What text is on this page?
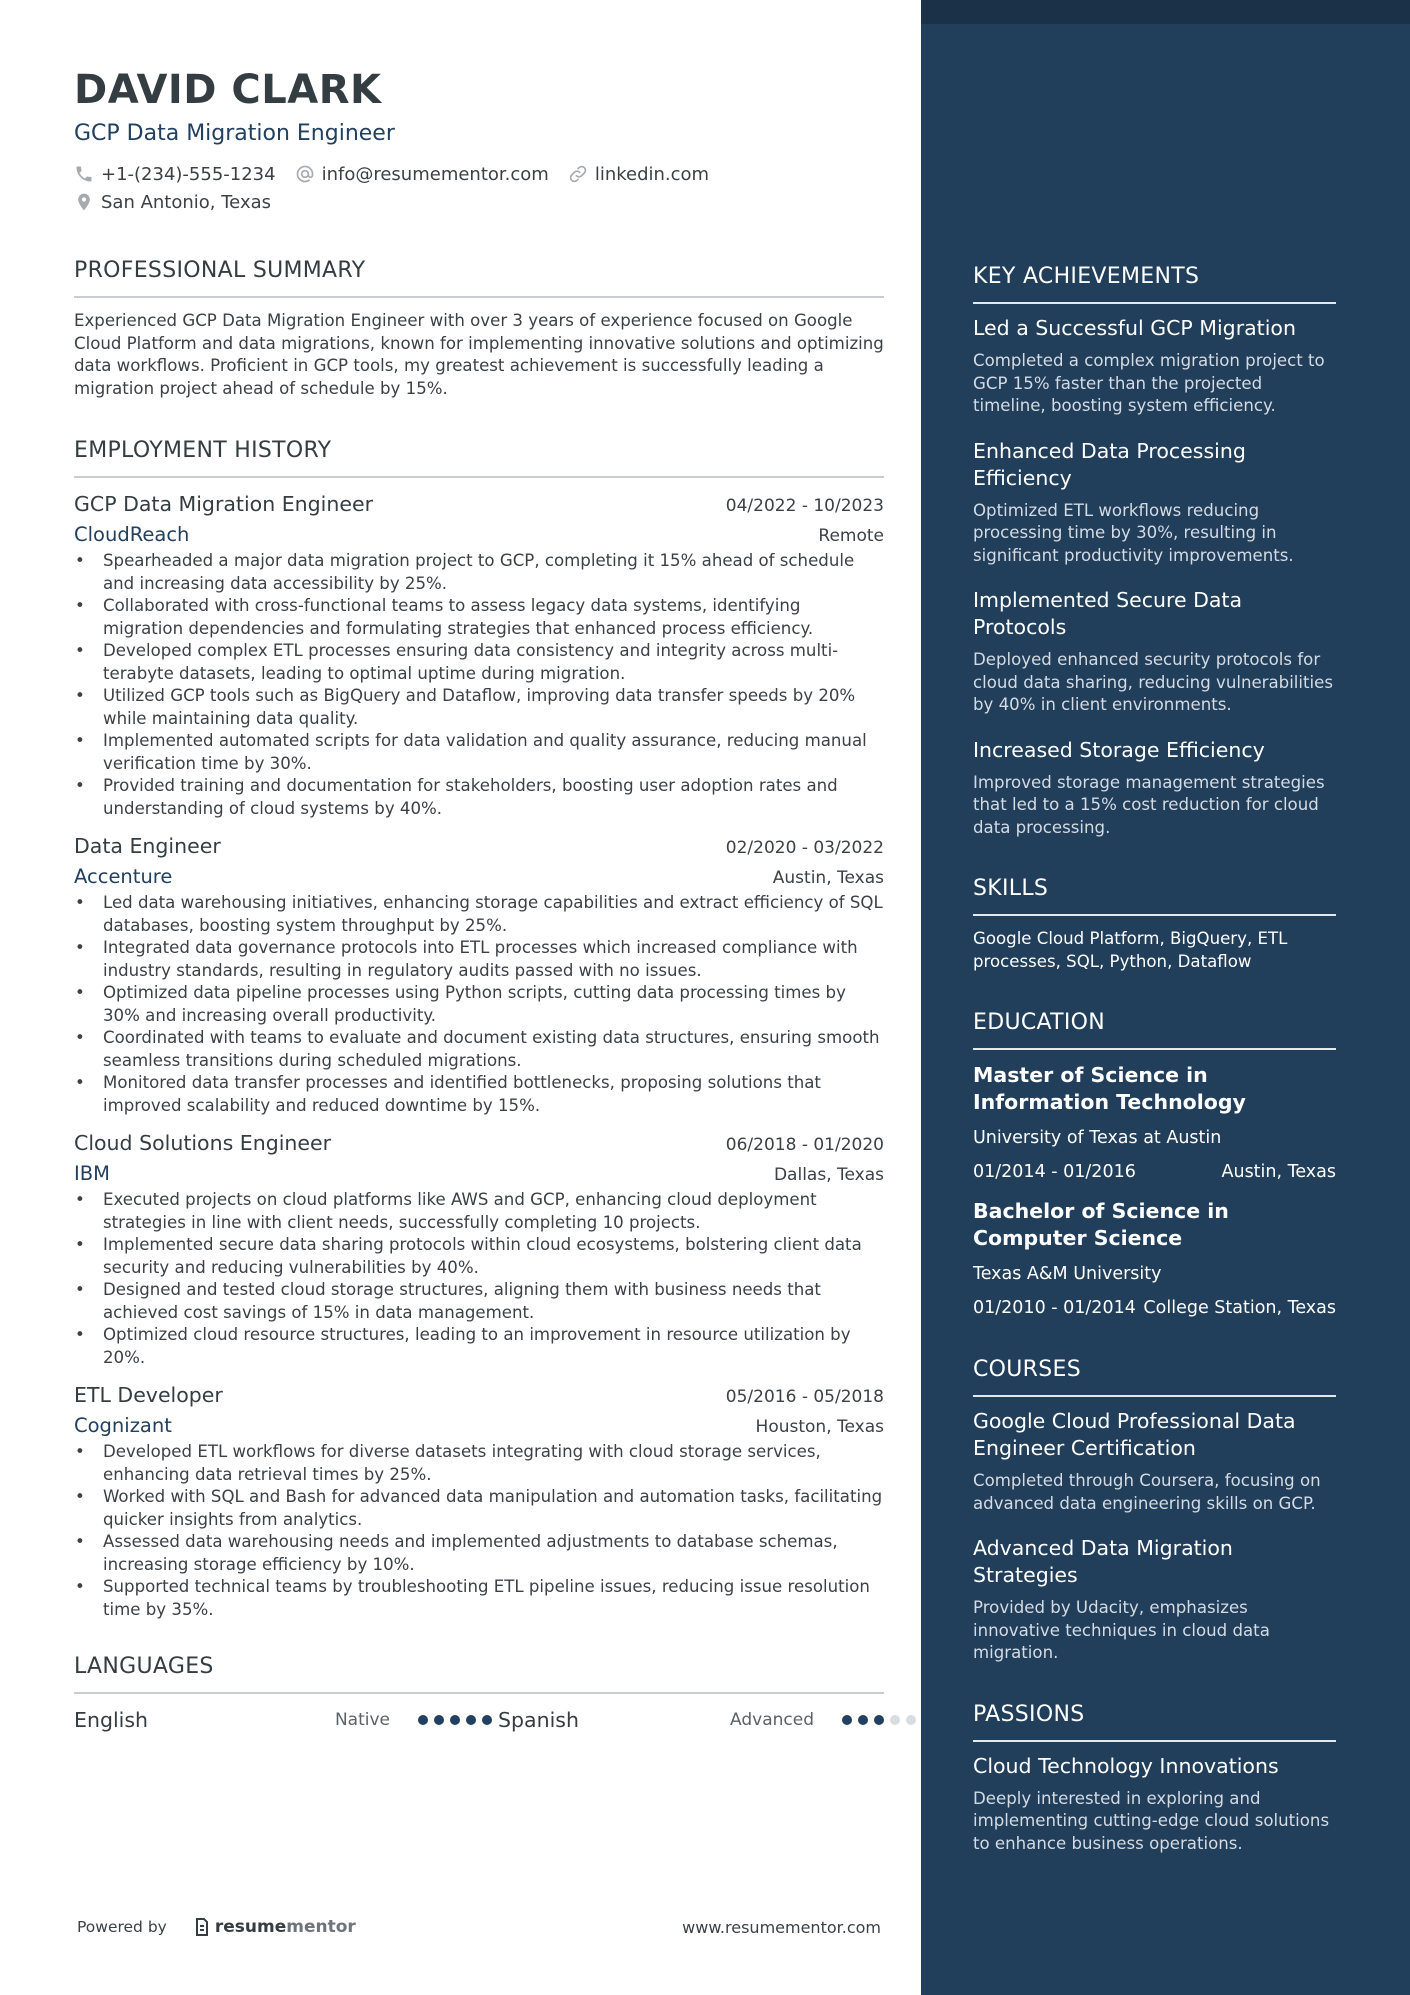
DAVID CLARK
GCP Data Migration Engineer
+1-(234)-555-1234	info@resumementor.com	linkedin.com
San Antonio, Texas
PROFESSIONAL SUMMARY

Experienced GCP Data Migration Engineer with over 3 years of experience focused on Google Cloud Platform and data migrations, known for implementing innovative solutions and optimizing data workflows. Proficient in GCP tools, my greatest achievement is successfully leading a migration project ahead of schedule by 15%.

EMPLOYMENT HISTORY
GCP Data Migration Engineer	04/2022 - 10/2023
CloudReach	Remote
• Spearheaded a major data migration project to GCP, completing it 15% ahead of schedule and increasing data accessibility by 25%.
• Collaborated with cross-functional teams to assess legacy data systems, identifying migration dependencies and formulating strategies that enhanced process efficiency.
• Developed complex ETL processes ensuring data consistency and integrity across multi-terabyte datasets, leading to optimal uptime during migration.
• Utilized GCP tools such as BigQuery and Dataflow, improving data transfer speeds by 20% while maintaining data quality.
• Implemented automated scripts for data validation and quality assurance, reducing manual verification time by 30%.
• Provided training and documentation for stakeholders, boosting user adoption rates and understanding of cloud systems by 40%.
Data Engineer	02/2020 - 03/2022
Accenture	Austin, Texas
• Led data warehousing initiatives, enhancing storage capabilities and extract efficiency of SQL databases, boosting system throughput by 25%.
• Integrated data governance protocols into ETL processes which increased compliance with industry standards, resulting in regulatory audits passed with no issues.
• Optimized data pipeline processes using Python scripts, cutting data processing times by 30% and increasing overall productivity.
• Coordinated with teams to evaluate and document existing data structures, ensuring smooth seamless transitions during scheduled migrations.
• Monitored data transfer processes and identified bottlenecks, proposing solutions that improved scalability and reduced downtime by 15%.
Cloud Solutions Engineer	06/2018 - 01/2020
IBM	Dallas, Texas
• Executed projects on cloud platforms like AWS and GCP, enhancing cloud deployment strategies in line with client needs, successfully completing 10 projects.
• Implemented secure data sharing protocols within cloud ecosystems, bolstering client data security and reducing vulnerabilities by 40%.
• Designed and tested cloud storage structures, aligning them with business needs that achieved cost savings of 15% in data management.
• Optimized cloud resource structures, leading to an improvement in resource utilization by 20%.
ETL Developer	05/2016 - 05/2018
Cognizant	Houston, Texas
• Developed ETL workflows for diverse datasets integrating with cloud storage services, enhancing data retrieval times by 25%.
• Worked with SQL and Bash for advanced data manipulation and automation tasks, facilitating quicker insights from analytics.
• Assessed data warehousing needs and implemented adjustments to database schemas, increasing storage efficiency by 10%.
• Supported technical teams by troubleshooting ETL pipeline issues, reducing issue resolution time by 35%.
LANGUAGES
English	Native	Spanish	Advanced
Powered by	resume mentor	www.resumementor.com
KEY ACHIEVEMENTS
Led a Successful GCP Migration
Completed a complex migration project to GCP 15% faster than the projected timeline, boosting system efficiency.
Enhanced Data Processing Efficiency
Optimized ETL workflows reducing processing time by 30%, resulting in significant productivity improvements.
Implemented Secure Data Protocols
Deployed enhanced security protocols for cloud data sharing, reducing vulnerabilities by 40% in client environments.
Increased Storage Efficiency
Improved storage management strategies that led to a 15% cost reduction for cloud data processing.
SKILLS
Google Cloud Platform, BigQuery, ETL processes, SQL, Python, Dataflow
EDUCATION
Master of Science in Information Technology
University of Texas at Austin
01/2014 - 01/2016	Austin, Texas
Bachelor of Science in Computer Science
Texas A&M University
01/2010 - 01/2014 College Station, Texas
COURSES
Google Cloud Professional Data Engineer Certification
Completed through Coursera, focusing on advanced data engineering skills on GCP.
Advanced Data Migration Strategies
Provided by Udacity, emphasizes innovative techniques in cloud data migration.
PASSIONS
Cloud Technology Innovations
Deeply interested in exploring and implementing cutting-edge cloud solutions to enhance business operations.
